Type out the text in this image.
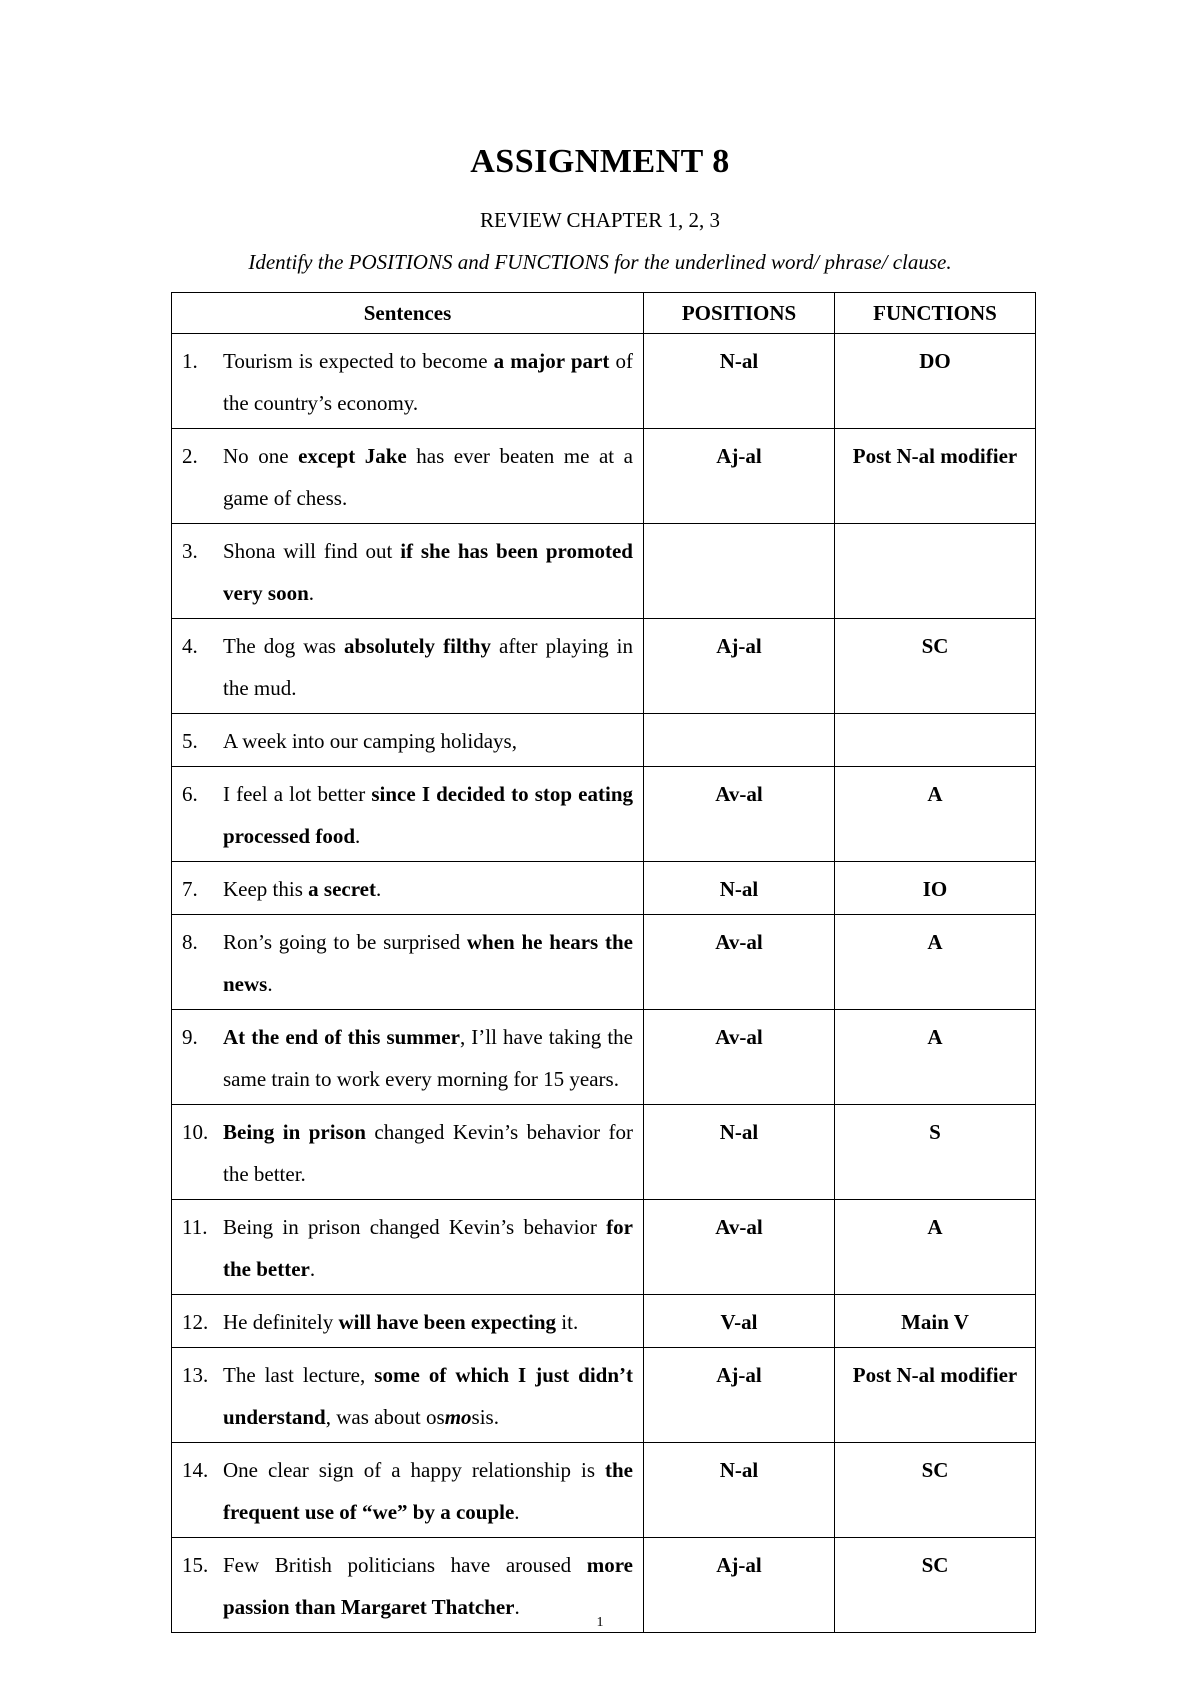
ASSIGNMENT 8
REVIEW CHAPTER 1, 2, 3
Identify the POSITIONS and FUNCTIONS for the underlined word/ phrase/ clause.
Sentences	POSITIONS	FUNCTIONS

1. Tourism is expected to become a major part of the country’s economy.	N-al	DO

2. No one except Jake has ever beaten me at a game of chess.	Aj-al	Post N-al modifier

3. Shona will find out if she has been promoted very soon.		

4. The dog was absolutely filthy after playing in the mud.	Aj-al	SC

5. A week into our camping holidays,		

6. I feel a lot better since I decided to stop eating processed food.	Av-al	A

7. Keep this a secret.	N-al	IO

8. Ron’s going to be surprised when he hears the news.	Av-al	A

9. At the end of this summer, I’ll have taking the same train to work every morning for 15 years.	Av-al	A

10. Being in prison changed Kevin’s behavior for the better.	N-al	S

11. Being in prison changed Kevin’s behavior for the better.	Av-al	A

12. He definitely will have been expecting it.	V-al	Main V

13. The last lecture, some of which I just didn’t understand, was about osmosis.	Aj-al	Post N-al modifier

14. One clear sign of a happy relationship is the frequent use of “we” by a couple.	N-al	SC

15. Few British politicians have aroused more passion than Margaret Thatcher.	Aj-al	SC
1
